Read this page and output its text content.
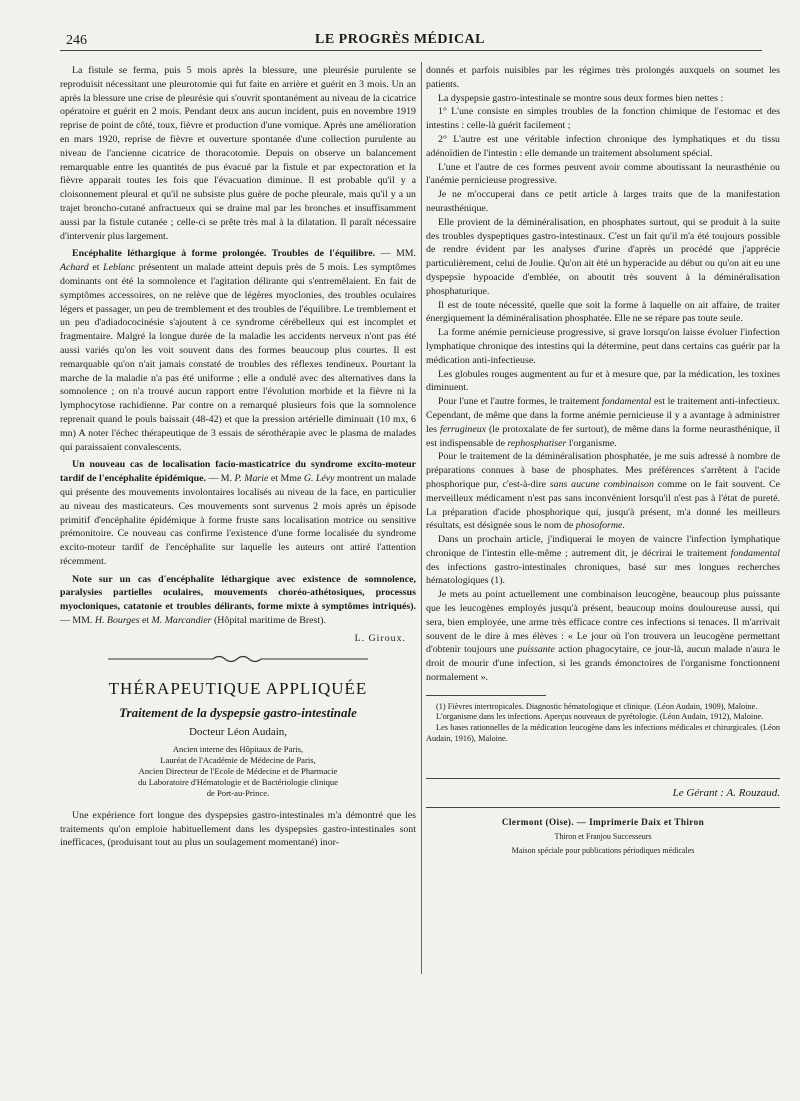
246	LE PROGRÈS MÉDICAL

La fistule se ferma, puis 5 mois après la blessure, une pleurésie purulente se reproduisit nécessitant une pleurotomie qui fut faite en arrière et guérit en 3 mois. Un an après la blessure une crise de pleurésie qui s'ouvrit spontanément au niveau de la cicatrice opératoire et guérit en 2 mois. Pendant deux ans aucun incident, puis en novembre 1919 reprise de point de côté, toux, fièvre et production d'une vomique. Après une amélioration en mars 1920, reprise de fièvre et ouverture spontanée d'une collection purulente au niveau de l'ancienne cicatrice de thoracotomie. Depuis on observe un balancement remarquable entre les quantités de pus évacué par la fistule et par expectoration et la fièvre apparait toutes les fois que l'évacuation diminue. Il est probable qu'il y a cloisonnement pleural et qu'il ne subsiste plus guère de poche pleurale, mais qu'il y a un trajet broncho-cutané anfractueux qui se draine mal par les bronches et insuffisamment aussi par la fistule cutanée ; celle-ci se prête très mal à la dilatation. Il paraît nécessaire d'intervenir plus largement.

Encéphalite léthargique à forme prolongée. Troubles de l'équilibre. — MM. Achard et Leblanc présentent un malade atteint depuis près de 5 mois. Les symptômes dominants ont été la somnolence et l'agitation délirante qui s'entremêlaient. En fait de symptômes accessoires, on ne relève que de légères myoclonies, des troubles oculaires légers et passager, un peu de tremblement et des troubles de l'équilibre. Le tremblement et un peu d'adiadococinésie s'ajoutent à ce syndrome cérébelleux qui est incomplet et fragmentaire. Malgré la longue durée de la maladie les accidents nerveux n'ont pas été aussi variés qu'on les voit souvent dans des formes beaucoup plus courtes. Il est remarquable qu'on n'ait jamais constaté de troubles des réflexes tendineux. Pourtant la marche de la maladie n'a pas été uniforme ; elle a ondulé avec des alternatives dans la somnolence ; on n'a trouvé aucun rapport entre l'évolution morbide et la fièvre ni la lymphocytose rachidienne. Par contre on a remarqué plusieurs fois que la somnolence reprenait quand le pouls baissait (48-42) et que la pression artérielle diminuait (10 mx, 6 mn) A noter l'échec thérapeutique de 3 essais de sérothérapie avec le plasma de malades qui paraissaient convalescents.

Un nouveau cas de localisation facio-masticatrice du syndrome excito-moteur tardif de l'encéphalite épidémique. — M. P. Marie et Mme G. Lévy montrent un malade qui présente des mouvements involontaires localisés au niveau de la face, en particulier au niveau des masticateurs. Ces mouvements sont survenus 2 mois après un épisode primitif d'encéphalite épidémique à forme fruste sans localisation motrice ou sensitive prémonitoire. Ce nouveau cas confirme l'existence d'une forme localisée du syndrome excito-moteur tardif de l'encéphalite sur laquelle les auteurs ont attiré l'attention récemment.

Note sur un cas d'encéphalite léthargique avec existence de somnolence, paralysies partielles oculaires, mouvements choréo-athétosiques, processus myocloniques, catatonie et troubles délirants, forme mixte à symptômes intriqués). — MM. H. Bourges et M. Marcandier (Hôpital maritime de Brest).

L. Giroux.

THÉRAPEUTIQUE APPLIQUÉE

Traitement de la dyspepsie gastro-intestinale

Docteur Léon Audain,

Ancien interne des Hôpitaux de Paris,
Lauréat de l'Académie de Médecine de Paris,
Ancien Directeur de l'Ecole de Médecine et de Pharmacie
du Laboratoire d'Hématologie et de Bactériologie clinique
de Port-au-Prince.

Une expérience fort longue des dyspepsies gastro-intestinales m'a démontré que les traitements qu'on emploie habituellement dans les dyspepsies gastro-intestinales sont inefficaces, (produisant tout au plus un soulagement momentané) inor-

donnés et parfois nuisibles par les régimes très prolongés auxquels on soumet les patients.

La dyspepsie gastro-intestinale se montre sous deux formes bien nettes :

1° L'une consiste en simples troubles de la fonction chimique de l'estomac et des intestins : celle-là guérit facilement ;

2° L'autre est une véritable infection chronique des lymphatiques et du tissu adénoïdien de l'intestin : elle demande un traitement absolument spécial.

L'une et l'autre de ces formes peuvent avoir comme aboutissant la neurasthénie ou l'anémie pernicieuse progressive.

Je ne m'occuperai dans ce petit article à larges traits que de la manifestation neurasthénique.

Elle provient de la déminéralisation, en phosphates surtout, qui se produit à la suite des troubles dyspeptiques gastro-intestinaux. C'est un fait qu'il m'a été toujours possible de rendre évident par les analyses d'urine d'après un procédé que j'apprécie particulièrement, celui de Joulie. Qu'on ait été un hyperacide au début ou qu'on ait eu une dyspepsie hypoacide d'emblée, on aboutit très souvent à la déminéralisation phosphaturique.

Il est de toute nécessité, quelle que soit la forme à laquelle on ait affaire, de traiter énergiquement la déminéralisation phosphatée. Elle ne se répare pas toute seule.

La forme anémie pernicieuse progressive, si grave lorsqu'on laisse évoluer l'infection lymphatique chronique des intestins qui la détermine, peut dans certains cas guérir par la médication anti-infectieuse.

Les globules rouges augmentent au fur et à mesure que, par la médication, les toxines diminuent.

Pour l'une et l'autre formes, le traitement fondamental est le traitement anti-infectieux. Cependant, de même que dans la forme anémie pernicieuse il y a avantage à administrer les ferrugineux (le protoxalate de fer surtout), de même dans la forme neurasthénique, il est indispensable de rephosphatiser l'organisme.

Pour le traitement de la déminéralisation phosphatée, je me suis adressé à nombre de préparations connues à base de phosphates. Mes préférences s'arrêtent à l'acide phosphorique pur, c'est-à-dire sans aucune combinaison comme on le fait souvent. Ce merveilleux médicament n'est pas sans inconvénient lorsqu'il n'est pas à l'état de pureté. La préparation d'acide phosphorique qui, jusqu'à présent, m'a donné les meilleurs résultats, est désignée sous le nom de phosoforme.

Dans un prochain article, j'indiquerai le moyen de vaincre l'infection lymphatique chronique de l'intestin elle-même ; autrement dit, je décrirai le traitement fondamental des infections gastro-intestinales chroniques, basé sur mes longues recherches hématologiques (1).

Je mets au point actuellement une combinaison leucogène, beaucoup plus puissante que les leucogènes employés jusqu'à présent, beaucoup moins douloureuse aussi, qui sera, bien employée, une arme très efficace contre ces infections si tenaces. Il m'arrivait souvent de le dire à mes élèves : « Le jour où l'on trouvera un leucogène permettant d'obtenir toujours une puissante action phagocytaire, ce jour-là, aucun malade n'aura le droit de mourir d'une infection, si les grands émonctoires de l'organisme fonctionnent normalement ».

(1) Fièvres intertropicales. Diagnostic hématologique et clinique. (Léon Audain, 1909), Maloine.

L'organisme dans les infections. Aperçus nouveaux de pyrétologie. (Léon Audain, 1912), Maloine.

Les bases rationnelles de la médication leucogène dans les infections médicales et chirurgicales. (Léon Audain, 1916), Maloine.

Le Gérant : A. Rouzaud.

Clermont (Oise). — Imprimerie Daix et Thiron

Thiron et Franjou Successeurs

Maison spéciale pour publications périodiques médicales
